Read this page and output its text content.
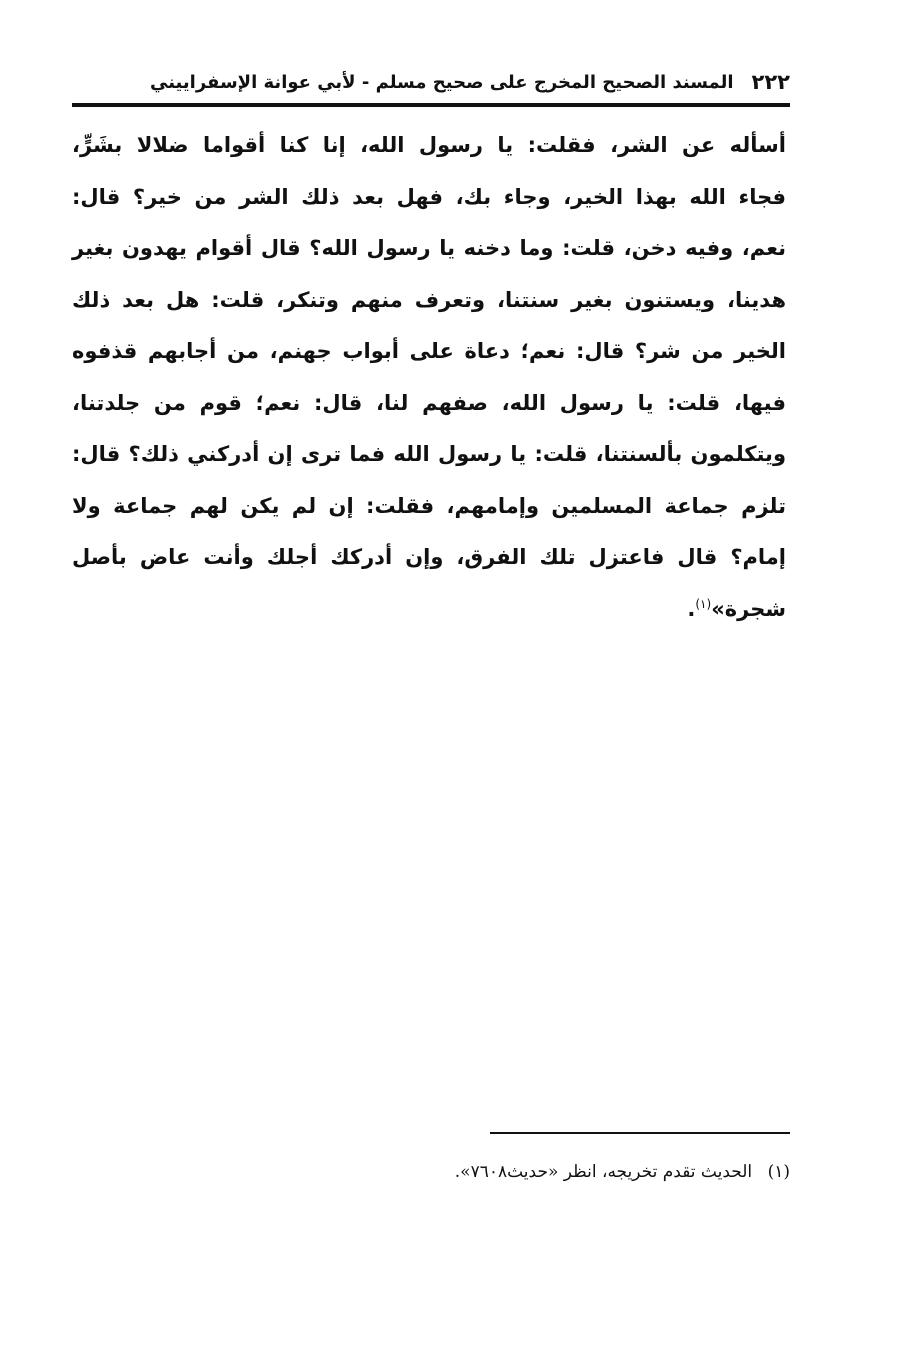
٢٢٢
المسند الصحيح المخرج على صحيح مسلم - لأبي عوانة الإسفراييني
أسأله عن الشر، فقلت: يا رسول الله، إنا كنا أقواما ضلالا بشَرٍّ،
فجاء الله بهذا الخير، وجاء بك، فهل بعد ذلك الشر من خير؟ قال:
نعم، وفيه دخن، قلت: وما دخنه يا رسول الله؟ قال أقوام يهدون بغير
هدينا، ويستنون بغير سنتنا، وتعرف منهم وتنكر، قلت: هل بعد ذلك
الخير من شر؟ قال: نعم؛ دعاة على أبواب جهنم، من أجابهم قذفوه
فيها، قلت: يا رسول الله، صفهم لنا، قال: نعم؛ قوم من جلدتنا،
ويتكلمون بألسنتنا، قلت: يا رسول الله فما ترى إن أدركني ذلك؟ قال:
تلزم جماعة المسلمين وإمامهم، فقلت: إن لم يكن لهم جماعة ولا
إمام؟ قال فاعتزل تلك الفرق، وإن أدركك أجلك وأنت عاض بأصل
شجرة»$^{(١)}$.
(١) الحديث تقدم تخريجه، انظر «حديث٧٦٠٨».
